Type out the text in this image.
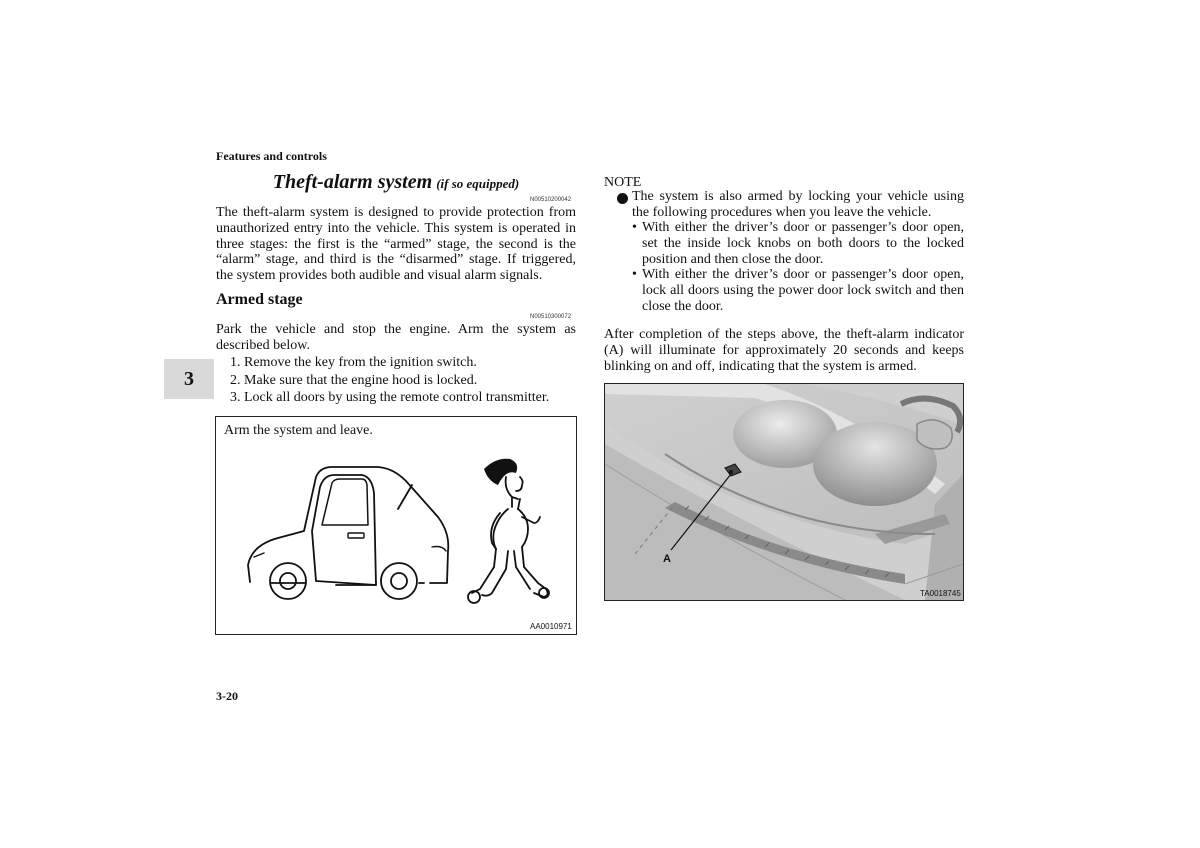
Features and controls
3
Theft-alarm system (if so equipped)
N00510200042

The theft-alarm system is designed to provide protection from unauthorized entry into the vehicle. This system is operated in three stages: the first is the “armed” stage, the second is the “alarm” stage, and third is the “disarmed” stage. If triggered, the system provides both audible and visual alarm signals.

Armed stage
N00510300072

Park the vehicle and stop the engine. Arm the system as described below.

1. Remove the key from the ignition switch.
2. Make sure that the engine hood is locked.
3. Lock all doors by using the remote control transmitter.
Arm the system and leave.
AA0010971
NOTE

The system is also armed by locking your vehicle using the following procedures when you leave the vehicle.

• With either the driver’s door or passenger’s door open, set the inside lock knobs on both doors to the locked position and then close the door.
• With either the driver’s door or passenger’s door open, lock all doors using the power door lock switch and then close the door.

After completion of the steps above, the theft-alarm indicator (A) will illuminate for approximately 20 seconds and keeps blinking on and off, indicating that the system is armed.

A
TA0018745
3-20
